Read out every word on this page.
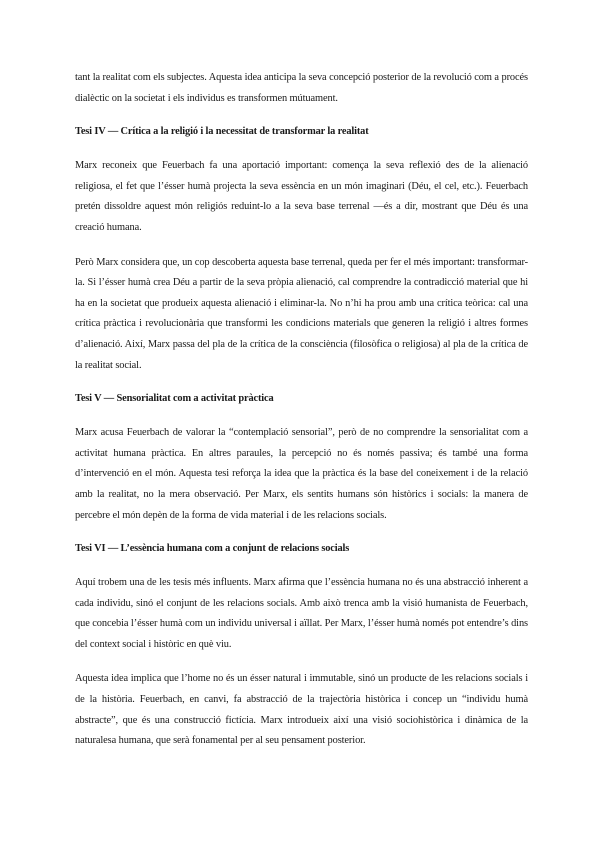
tant la realitat com els subjectes. Aquesta idea anticipa la seva concepció posterior de la revolució com a procés dialèctic on la societat i els individus es transformen mútuament.

Tesi IV — Crítica a la religió i la necessitat de transformar la realitat

Marx reconeix que Feuerbach fa una aportació important: comença la seva reflexió des de la alienació religiosa, el fet que l’ésser humà projecta la seva essència en un món imaginari (Déu, el cel, etc.). Feuerbach pretén dissoldre aquest món religiós reduint-lo a la seva base terrenal —és a dir, mostrant que Déu és una creació humana.

Però Marx considera que, un cop descoberta aquesta base terrenal, queda per fer el més important: transformar-la. Si l’ésser humà crea Déu a partir de la seva pròpia alienació, cal comprendre la contradicció material que hi ha en la societat que produeix aquesta alienació i eliminar-la. No n’hi ha prou amb una crítica teòrica: cal una crítica pràctica i revolucionària que transformi les condicions materials que generen la religió i altres formes d’alienació. Així, Marx passa del pla de la crítica de la consciència (filosòfica o religiosa) al pla de la crítica de la realitat social.

Tesi V — Sensorialitat com a activitat pràctica

Marx acusa Feuerbach de valorar la “contemplació sensorial”, però de no comprendre la sensorialitat com a activitat humana pràctica. En altres paraules, la percepció no és només passiva; és també una forma d’intervenció en el món. Aquesta tesi reforça la idea que la pràctica és la base del coneixement i de la relació amb la realitat, no la mera observació. Per Marx, els sentits humans són històrics i socials: la manera de percebre el món depèn de la forma de vida material i de les relacions socials.

Tesi VI — L’essència humana com a conjunt de relacions socials

Aquí trobem una de les tesis més influents. Marx afirma que l’essència humana no és una abstracció inherent a cada individu, sinó el conjunt de les relacions socials. Amb això trenca amb la visió humanista de Feuerbach, que concebia l’ésser humà com un individu universal i aïllat. Per Marx, l’ésser humà només pot entendre’s dins del context social i històric en què viu.

Aquesta idea implica que l’home no és un ésser natural i immutable, sinó un producte de les relacions socials i de la història. Feuerbach, en canvi, fa abstracció de la trajectòria històrica i concep un “individu humà abstracte”, que és una construcció fictícia. Marx introdueix així una visió sociohistòrica i dinàmica de la naturalesa humana, que serà fonamental per al seu pensament posterior.
